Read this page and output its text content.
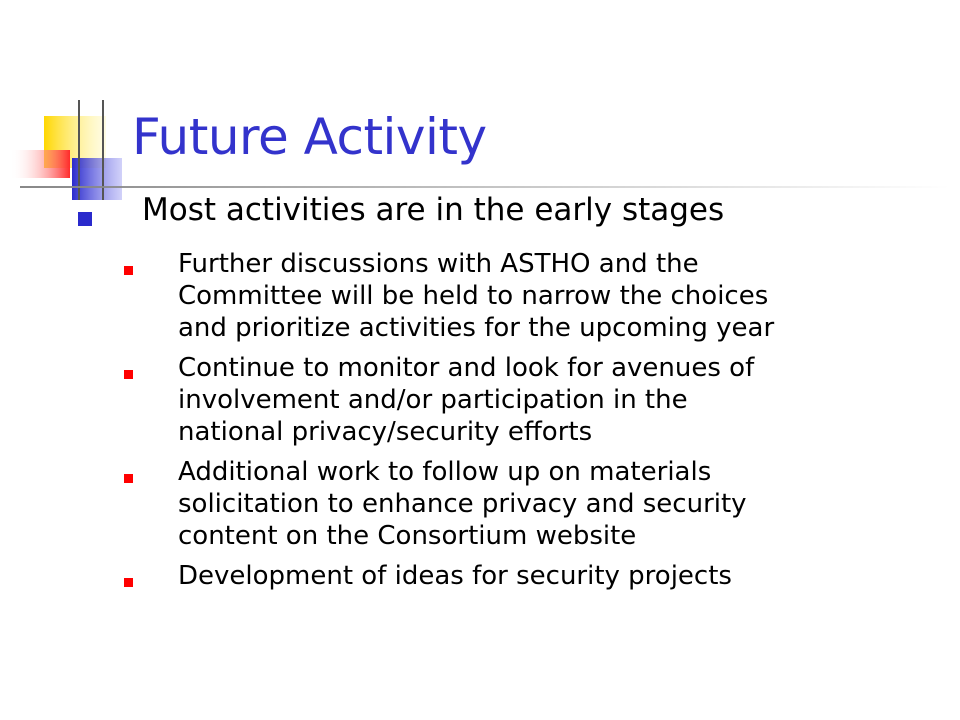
Future Activity
Most activities are in the early stages
Further discussions with ASTHO and the
Committee will be held to narrow the choices
and prioritize activities for the upcoming year
Continue to monitor and look for avenues of
involvement and/or participation in the
national privacy/security efforts
Additional work to follow up on materials
solicitation to enhance privacy and security
content on the Consortium website
Development of ideas for security projects
